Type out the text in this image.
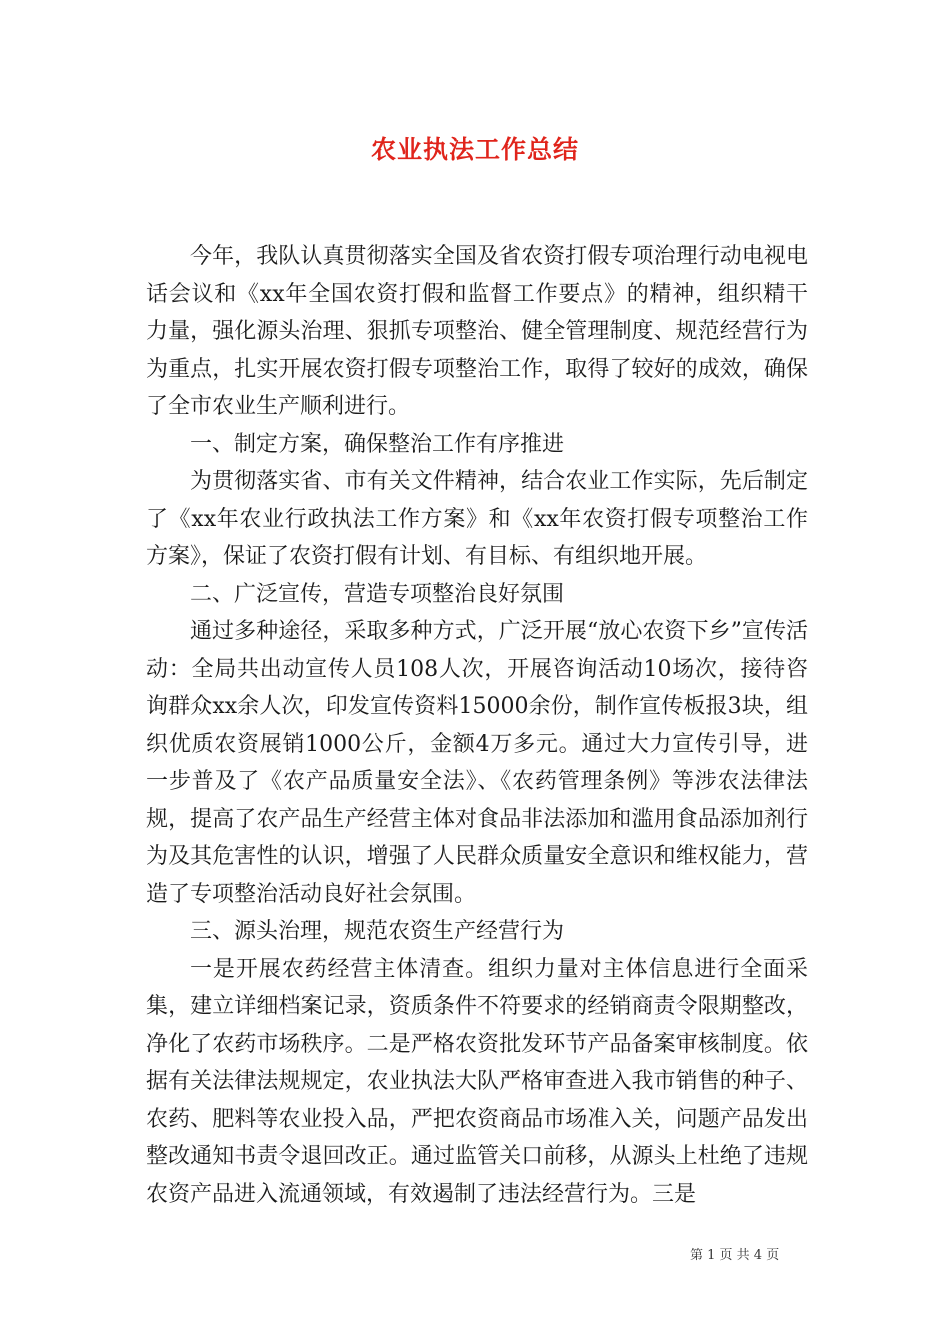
农业执法工作总结

今年，我队认真贯彻落实全国及省农资打假专项治理行动电视电话会议和《xx年全国农资打假和监督工作要点》的精神，组织精干力量，强化源头治理、狠抓专项整治、健全管理制度、规范经营行为为重点，扎实开展农资打假专项整治工作，取得了较好的成效，确保了全市农业生产顺利进行。

一、制定方案，确保整治工作有序推进

为贯彻落实省、市有关文件精神，结合农业工作实际，先后制定了《xx年农业行政执法工作方案》和《xx年农资打假专项整治工作方案》，保证了农资打假有计划、有目标、有组织地开展。

二、广泛宣传，营造专项整治良好氛围

通过多种途径，采取多种方式，广泛开展“放心农资下乡”宣传活动：全局共出动宣传人员108人次，开展咨询活动10场次，接待咨询群众xx余人次，印发宣传资料15000余份，制作宣传板报3块，组织优质农资展销1000公斤，金额4万多元。通过大力宣传引导，进一步普及了《农产品质量安全法》、《农药管理条例》等涉农法律法规，提高了农产品生产经营主体对食品非法添加和滥用食品添加剂行为及其危害性的认识，增强了人民群众质量安全意识和维权能力，营造了专项整治活动良好社会氛围。

三、源头治理，规范农资生产经营行为

一是开展农药经营主体清查。组织力量对主体信息进行全面采集，建立详细档案记录，资质条件不符要求的经销商责令限期整改，净化了农药市场秩序。二是严格农资批发环节产品备案审核制度。依据有关法律法规规定，农业执法大队严格审查进入我市销售的种子、农药、肥料等农业投入品，严把农资商品市场准入关，问题产品发出整改通知书责令退回改正。通过监管关口前移，从源头上杜绝了违规农资产品进入流通领域，有效遏制了违法经营行为。三是

第 1 页 共 4 页
